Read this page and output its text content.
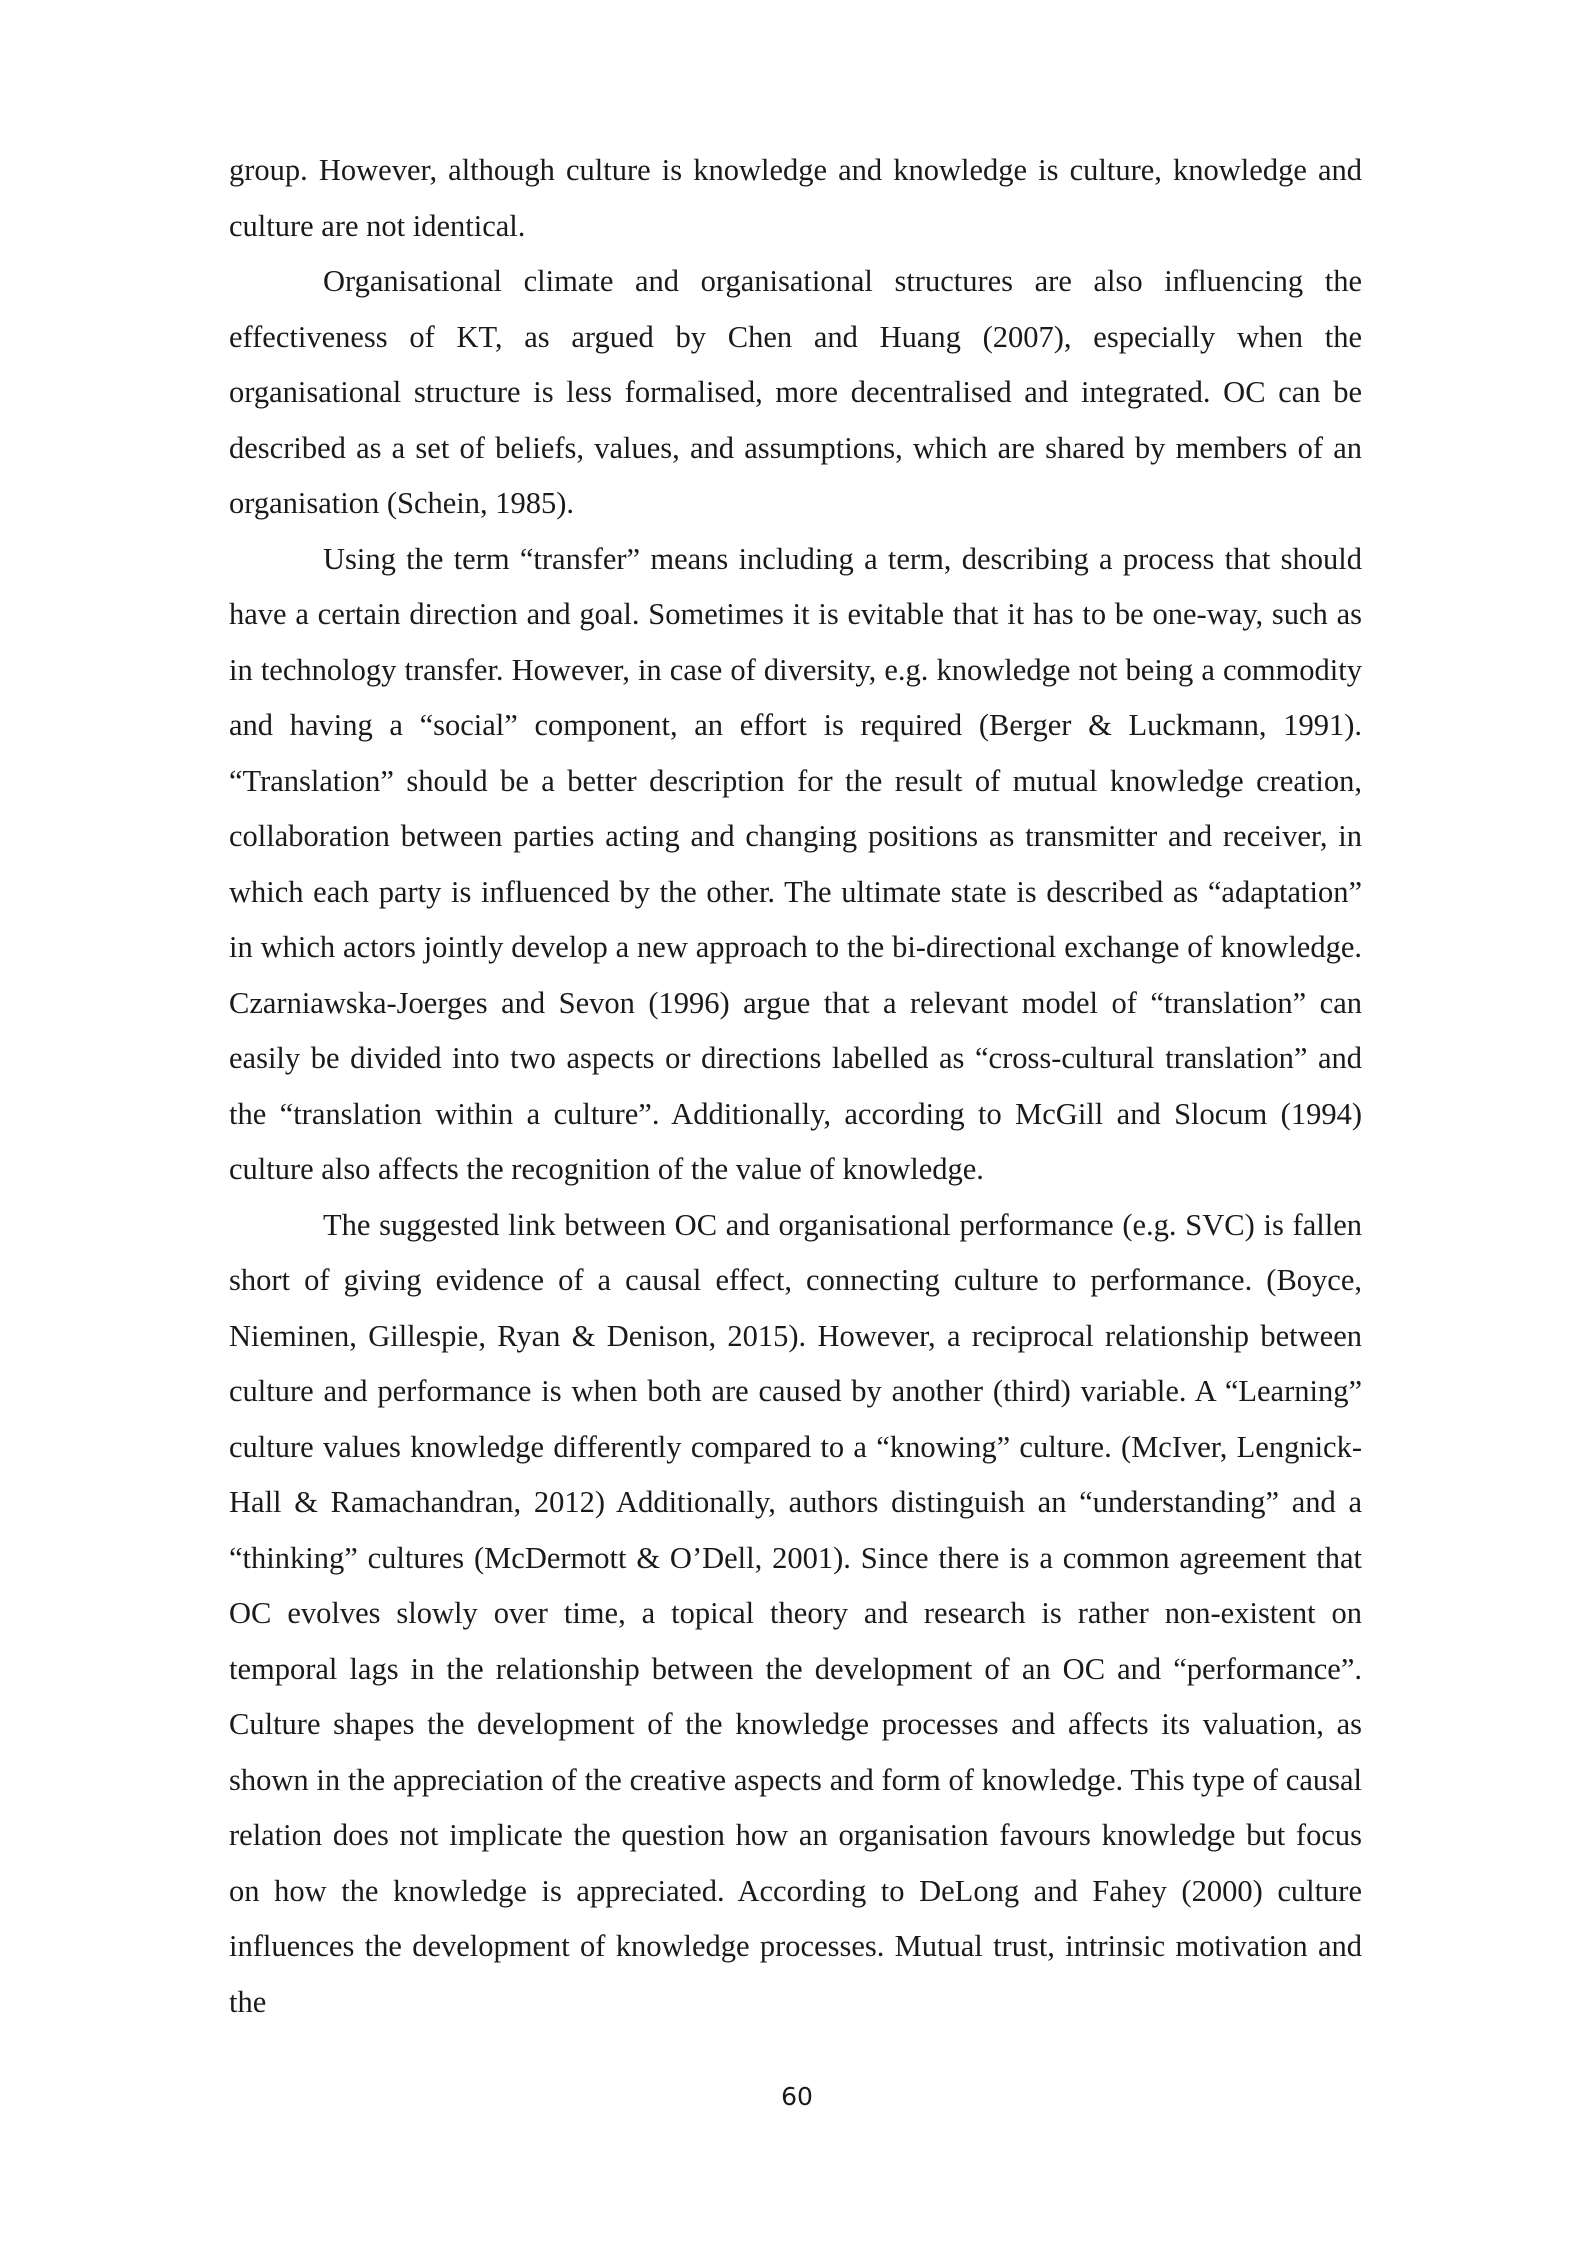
group. However, although culture is knowledge and knowledge is culture, knowledge and culture are not identical.

Organisational climate and organisational structures are also influencing the effectiveness of KT, as argued by Chen and Huang (2007), especially when the organisational structure is less formalised, more decentralised and integrated. OC can be described as a set of beliefs, values, and assumptions, which are shared by members of an organisation (Schein, 1985).

Using the term “transfer” means including a term, describing a process that should have a certain direction and goal. Sometimes it is evitable that it has to be one-way, such as in technology transfer. However, in case of diversity, e.g. knowledge not being a commodity and having a “social” component, an effort is required (Berger & Luckmann, 1991). “Translation” should be a better description for the result of mutual knowledge creation, collaboration between parties acting and changing positions as transmitter and receiver, in which each party is influenced by the other. The ultimate state is described as “adaptation” in which actors jointly develop a new approach to the bi-directional exchange of knowledge. Czarniawska-Joerges and Sevon (1996) argue that a relevant model of “translation” can easily be divided into two aspects or directions labelled as “cross-cultural translation” and the “translation within a culture”. Additionally, according to McGill and Slocum (1994) culture also affects the recognition of the value of knowledge.

The suggested link between OC and organisational performance (e.g. SVC) is fallen short of giving evidence of a causal effect, connecting culture to performance. (Boyce, Nieminen, Gillespie, Ryan & Denison, 2015). However, a reciprocal relationship between culture and performance is when both are caused by another (third) variable. A “Learning” culture values knowledge differently compared to a “knowing” culture. (McIver, Lengnick-Hall & Ramachandran, 2012) Additionally, authors distinguish an “understanding” and a “thinking” cultures (McDermott & O’Dell, 2001). Since there is a common agreement that OC evolves slowly over time, a topical theory and research is rather non-existent on temporal lags in the relationship between the development of an OC and “performance”. Culture shapes the development of the knowledge processes and affects its valuation, as shown in the appreciation of the creative aspects and form of knowledge. This type of causal relation does not implicate the question how an organisation favours knowledge but focus on how the knowledge is appreciated. According to DeLong and Fahey (2000) culture influences the development of knowledge processes. Mutual trust, intrinsic motivation and the

60
